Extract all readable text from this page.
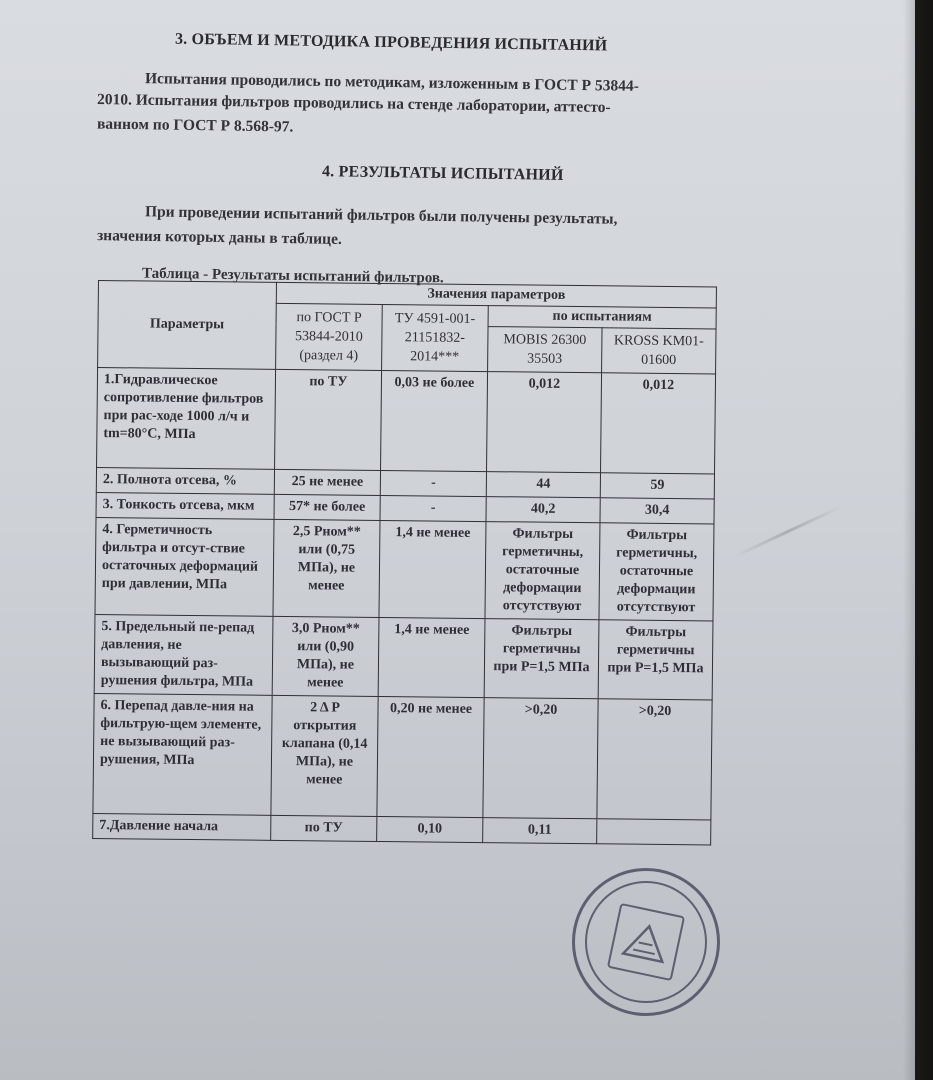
3. ОБЪЕМ И МЕТОДИКА ПРОВЕДЕНИЯ ИСПЫТАНИЙ
Испытания проводились по методикам, изложенным в ГОСТ Р 53844-
2010. Испытания фильтров проводились на стенде лаборатории, аттесто-
ванном по ГОСТ Р 8.568-97.
4. РЕЗУЛЬТАТЫ ИСПЫТАНИЙ
При проведении испытаний фильтров были получены результаты,
значения которых даны в таблице.
Таблица - Результаты испытаний фильтров.
Параметры	Значения параметров			
	по ГОСТ Р 53844-2010 (раздел 4)	ТУ 4591-001-21151832-2014***	по испытаниям	
			MOBIS 26300 35503	KROSS KM01-01600
1.Гидравлическое сопротивление фильтров при рас-ходе 1000 л/ч и tm=80°С, МПа	по ТУ	0,03 не более	0,012	0,012
2. Полнота отсева, %	25 не менее	-	44	59
3. Тонкость отсева, мкм	57* не более	-	40,2	30,4
4. Герметичность фильтра и отсут-ствие остаточных деформаций при давлении, МПа	2,5 Рном** или (0,75 МПа), не менее	1,4 не менее	Фильтры герметичны, остаточные деформации отсутствуют	Фильтры герметичны, остаточные деформации отсутствуют
5. Предельный пе-репад давления, не вызывающий раз-рушения фильтра, МПа	3,0 Рном** или (0,90 МПа), не менее	1,4 не менее	Фильтры герметичны при Р=1,5 МПа	Фильтры герметичны при Р=1,5 МПа
6. Перепад давле-ния на фильтрую-щем элементе, не вызывающий раз-рушения, МПа	2 Δ Р открытия клапана (0,14 МПа), не менее	0,20 не менее	>0,20	>0,20
7.Давление начала	по ТУ	0,10	0,11	
